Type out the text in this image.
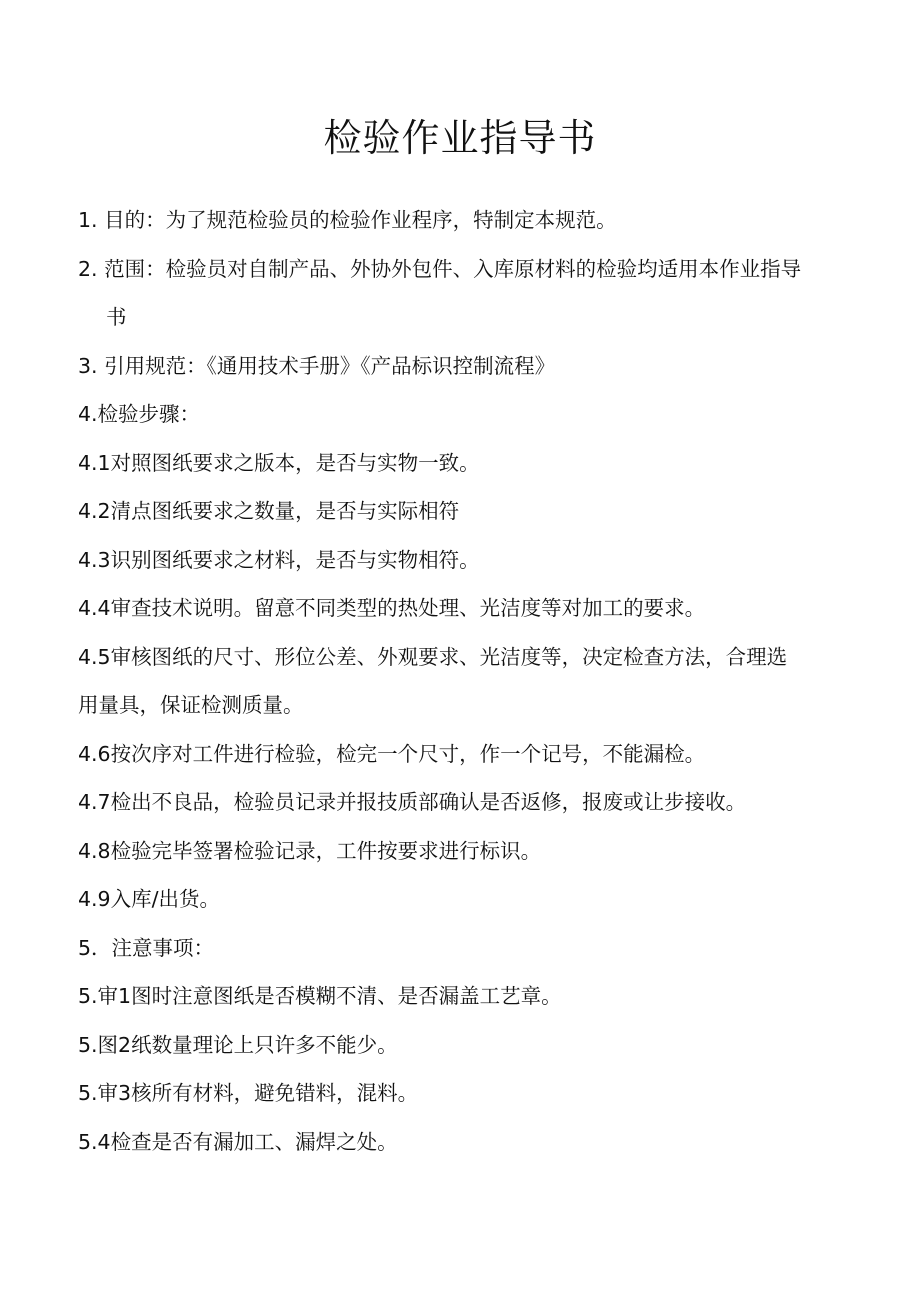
检验作业指导书
1. 目的：为了规范检验员的检验作业程序，特制定本规范。
2. 范围：检验员对自制产品、外协外包件、入库原材料的检验均适用本作业指导
书
3. 引用规范：《通用技术手册》《产品标识控制流程》
4.检验步骤：
4.1对照图纸要求之版本，是否与实物一致。
4.2清点图纸要求之数量，是否与实际相符
4.3识别图纸要求之材料，是否与实物相符。
4.4审查技术说明。留意不同类型的热处理、光洁度等对加工的要求。
4.5审核图纸的尺寸、形位公差、外观要求、光洁度等，决定检查方法，合理选
用量具，保证检测质量。
4.6按次序对工件进行检验，检完一个尺寸，作一个记号，不能漏检。
4.7检出不良品，检验员记录并报技质部确认是否返修，报废或让步接收。
4.8检验完毕签署检验记录，工件按要求进行标识。
4.9入库/出货。
5．注意事项：
5.审1图时注意图纸是否模糊不清、是否漏盖工艺章。
5.图2纸数量理论上只许多不能少。
5.审3核所有材料，避免错料，混料。
5.4检查是否有漏加工、漏焊之处。
